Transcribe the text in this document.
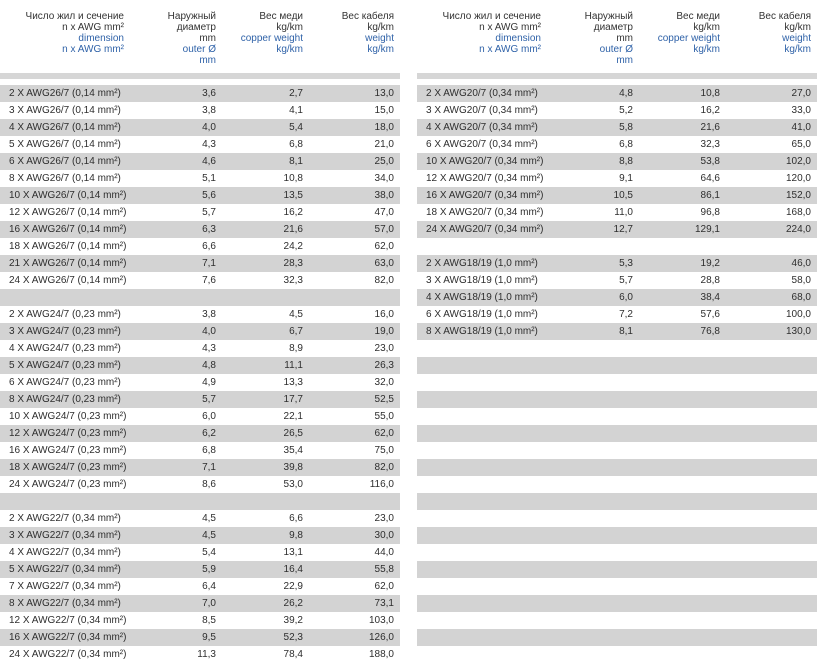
Число жил и сечение
n x AWG mm²
dimension
n x AWG mm²
Наружный
диаметр
mm
outer Ø
mm
Вес меди
kg/km
copper weight
kg/km
Вес кабеля
kg/km
weight
kg/km
2 X AWG26/7 (0,14 mm²)	3,6	2,7	13,0
3 X AWG26/7 (0,14 mm²)	3,8	4,1	15,0
4 X AWG26/7 (0,14 mm²)	4,0	5,4	18,0
5 X AWG26/7 (0,14 mm²)	4,3	6,8	21,0
6 X AWG26/7 (0,14 mm²)	4,6	8,1	25,0
8 X AWG26/7 (0,14 mm²)	5,1	10,8	34,0
10 X AWG26/7 (0,14 mm²)	5,6	13,5	38,0
12 X AWG26/7 (0,14 mm²)	5,7	16,2	47,0
16 X AWG26/7 (0,14 mm²)	6,3	21,6	57,0
18 X AWG26/7 (0,14 mm²)	6,6	24,2	62,0
21 X AWG26/7 (0,14 mm²)	7,1	28,3	63,0
24 X AWG26/7 (0,14 mm²)	7,6	32,3	82,0
2 X AWG24/7 (0,23 mm²)	3,8	4,5	16,0
3 X AWG24/7 (0,23 mm²)	4,0	6,7	19,0
4 X AWG24/7 (0,23 mm²)	4,3	8,9	23,0
5 X AWG24/7 (0,23 mm²)	4,8	11,1	26,3
6 X AWG24/7 (0,23 mm²)	4,9	13,3	32,0
8 X AWG24/7 (0,23 mm²)	5,7	17,7	52,5
10 X AWG24/7 (0,23 mm²)	6,0	22,1	55,0
12 X AWG24/7 (0,23 mm²)	6,2	26,5	62,0
16 X AWG24/7 (0,23 mm²)	6,8	35,4	75,0
18 X AWG24/7 (0,23 mm²)	7,1	39,8	82,0
24 X AWG24/7 (0,23 mm²)	8,6	53,0	116,0
2 X AWG22/7 (0,34 mm²)	4,5	6,6	23,0
3 X AWG22/7 (0,34 mm²)	4,5	9,8	30,0
4 X AWG22/7 (0,34 mm²)	5,4	13,1	44,0
5 X AWG22/7 (0,34 mm²)	5,9	16,4	55,8
7 X AWG22/7 (0,34 mm²)	6,4	22,9	62,0
8 X AWG22/7 (0,34 mm²)	7,0	26,2	73,1
12 X AWG22/7 (0,34 mm²)	8,5	39,2	103,0
16 X AWG22/7 (0,34 mm²)	9,5	52,3	126,0
24 X AWG22/7 (0,34 mm²)	11,3	78,4	188,0
Число жил и сечение
n x AWG mm²
dimension
n x AWG mm²
Наружный
диаметр
mm
outer Ø
mm
Вес меди
kg/km
copper weight
kg/km
Вес кабеля
kg/km
weight
kg/km
2 X AWG20/7 (0,34 mm²)	4,8	10,8	27,0
3 X AWG20/7 (0,34 mm²)	5,2	16,2	33,0
4 X AWG20/7 (0,34 mm²)	5,8	21,6	41,0
6 X AWG20/7 (0,34 mm²)	6,8	32,3	65,0
10 X AWG20/7 (0,34 mm²)	8,8	53,8	102,0
12 X AWG20/7 (0,34 mm²)	9,1	64,6	120,0
16 X AWG20/7 (0,34 mm²)	10,5	86,1	152,0
18 X AWG20/7 (0,34 mm²)	11,0	96,8	168,0
24 X AWG20/7 (0,34 mm²)	12,7	129,1	224,0
2 X AWG18/19 (1,0 mm²)	5,3	19,2	46,0
3 X AWG18/19 (1,0 mm²)	5,7	28,8	58,0
4 X AWG18/19 (1,0 mm²)	6,0	38,4	68,0
6 X AWG18/19 (1,0 mm²)	7,2	57,6	100,0
8 X AWG18/19 (1,0 mm²)	8,1	76,8	130,0
